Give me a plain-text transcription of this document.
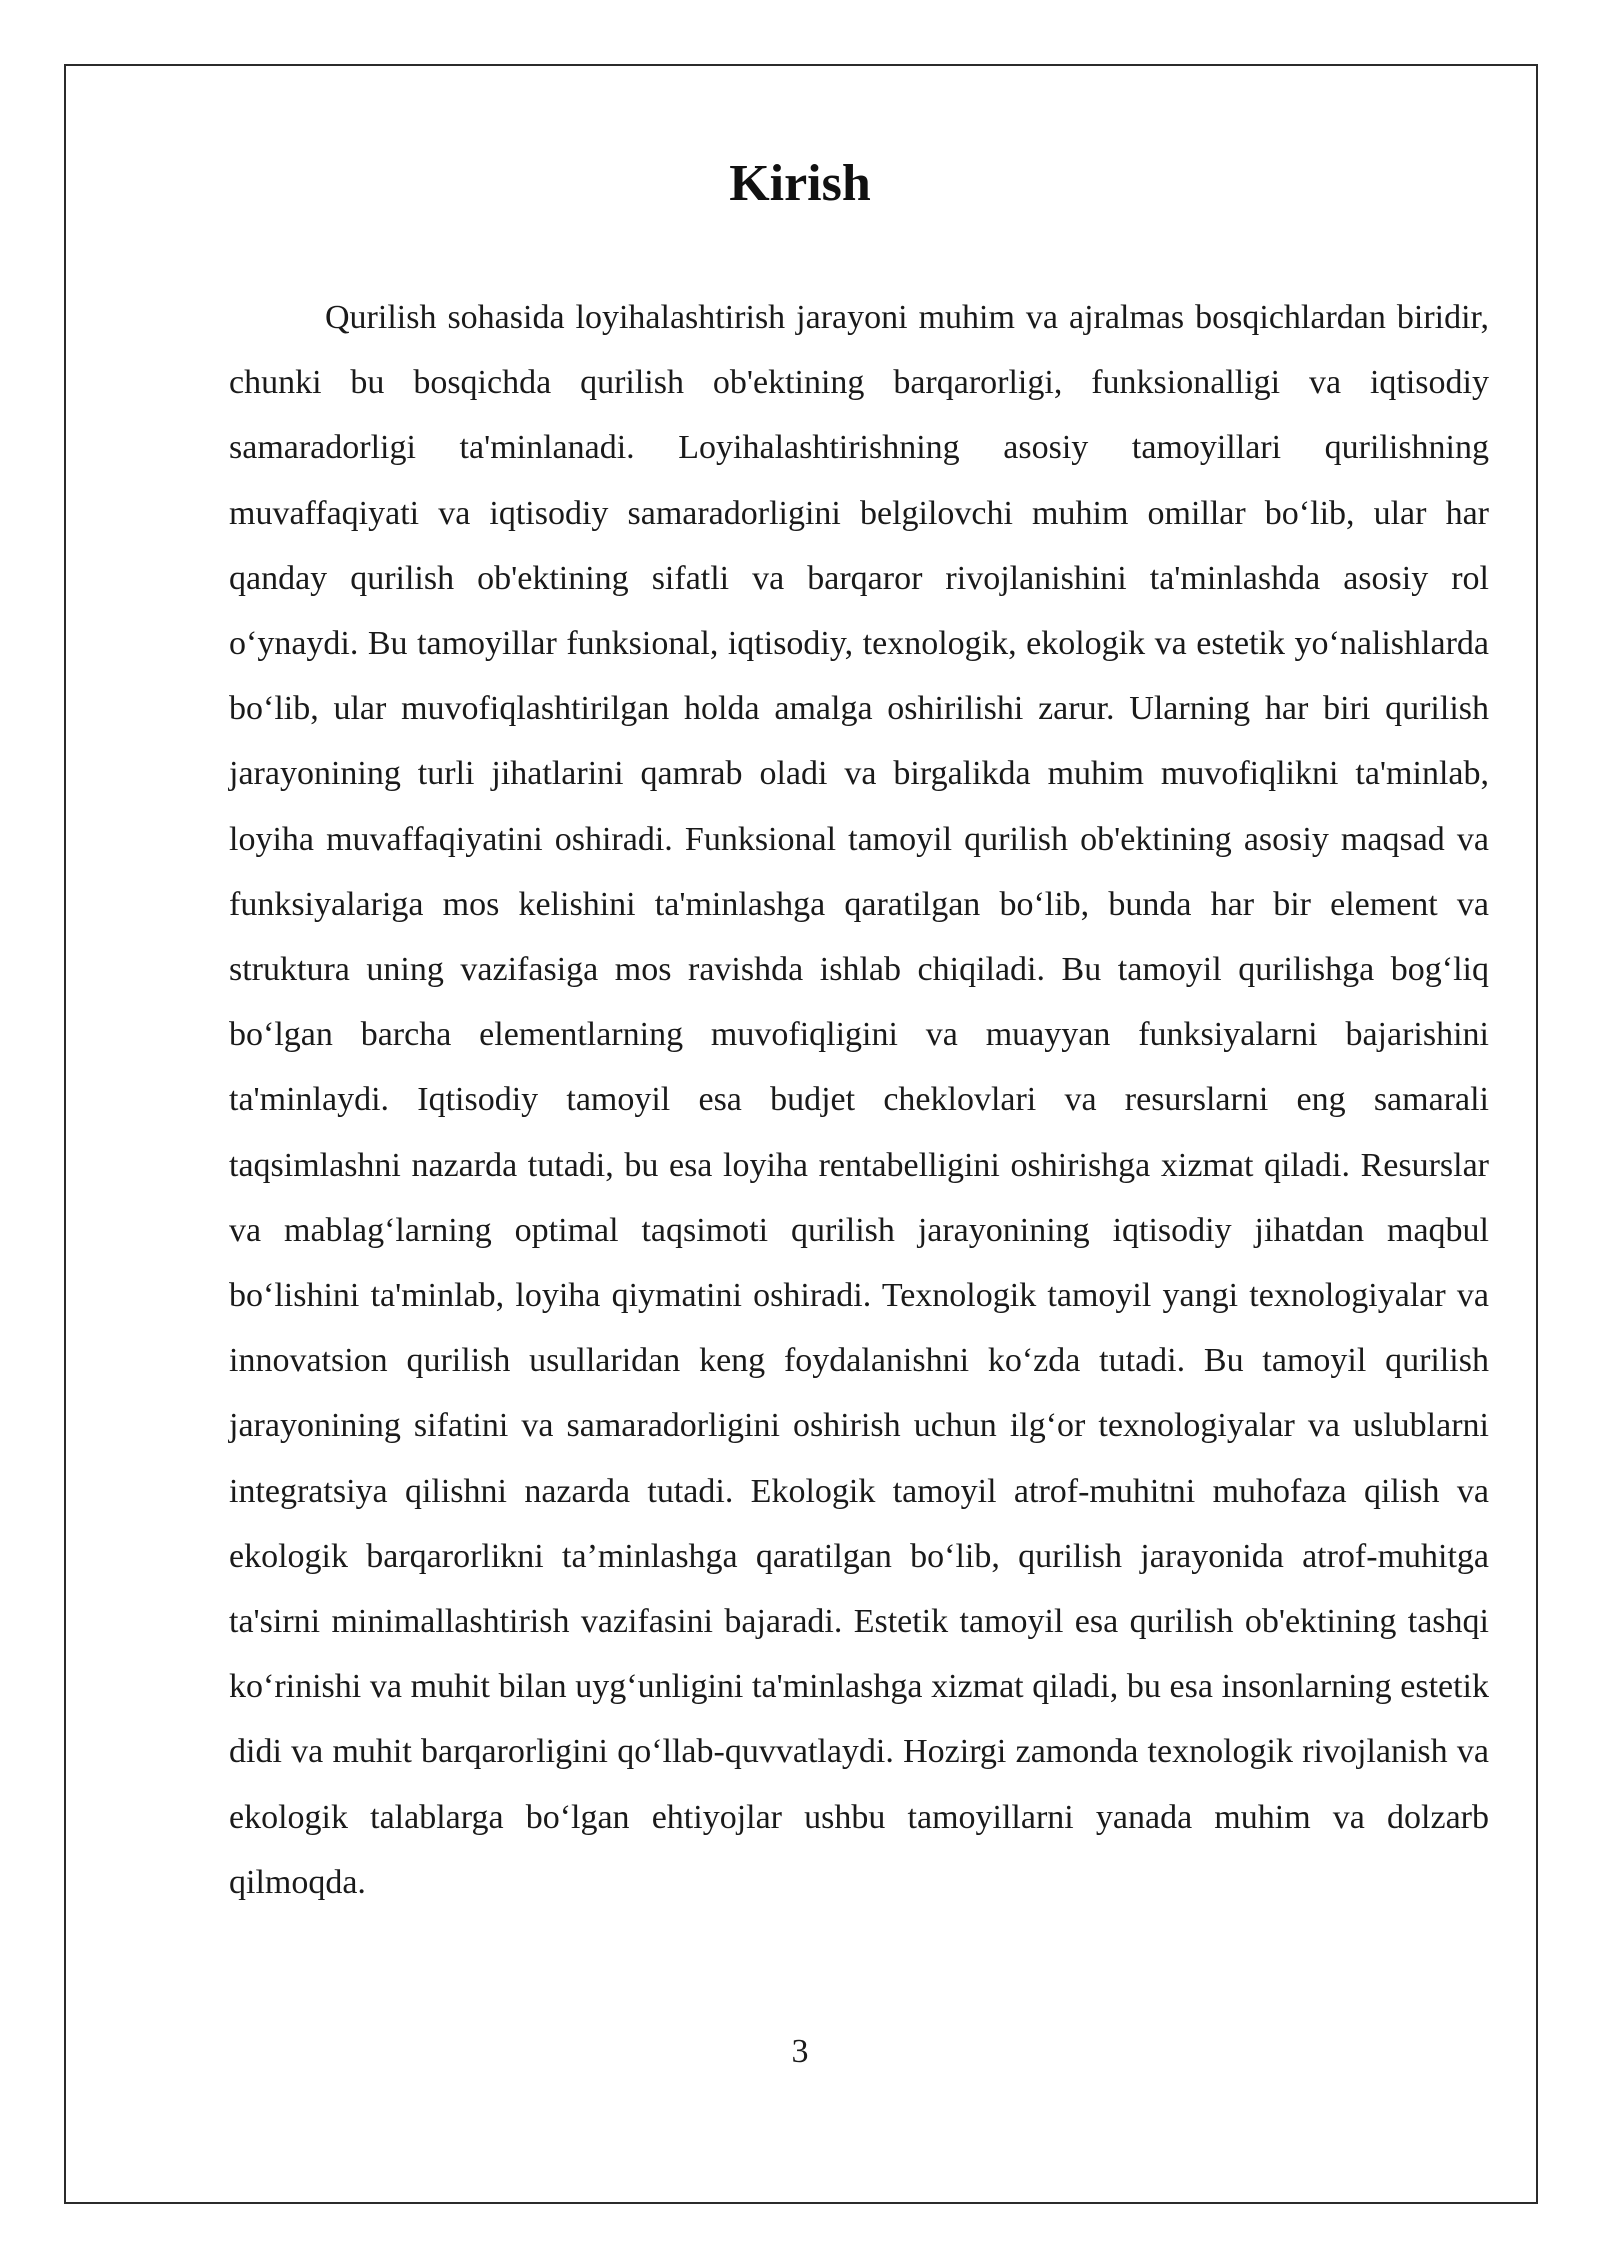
Kirish

Qurilish sohasida loyihalashtirish jarayoni muhim va ajralmas bosqichlardan biridir, chunki bu bosqichda qurilish ob'ektining barqarorligi, funksionalligi va iqtisodiy samaradorligi ta'minlanadi. Loyihalashtirishning asosiy tamoyillari qurilishning muvaffaqiyati va iqtisodiy samaradorligini belgilovchi muhim omillar bo‘lib, ular har qanday qurilish ob'ektining sifatli va barqaror rivojlanishini ta'minlashda asosiy rol o‘ynaydi. Bu tamoyillar funksional, iqtisodiy, texnologik, ekologik va estetik yo‘nalishlarda bo‘lib, ular muvofiqlashtirilgan holda amalga oshirilishi zarur. Ularning har biri qurilish jarayonining turli jihatlarini qamrab oladi va birgalikda muhim muvofiqlikni ta'minlab, loyiha muvaffaqiyatini oshiradi. Funksional tamoyil qurilish ob'ektining asosiy maqsad va funksiyalariga mos kelishini ta'minlashga qaratilgan bo‘lib, bunda har bir element va struktura uning vazifasiga mos ravishda ishlab chiqiladi. Bu tamoyil qurilishga bog‘liq bo‘lgan barcha elementlarning muvofiqligini va muayyan funksiyalarni bajarishini ta'minlaydi. Iqtisodiy tamoyil esa budjet cheklovlari va resurslarni eng samarali taqsimlashni nazarda tutadi, bu esa loyiha rentabelligini oshirishga xizmat qiladi. Resurslar va mablag‘larning optimal taqsimoti qurilish jarayonining iqtisodiy jihatdan maqbul bo‘lishini ta'minlab, loyiha qiymatini oshiradi. Texnologik tamoyil yangi texnologiyalar va innovatsion qurilish usullaridan keng foydalanishni ko‘zda tutadi. Bu tamoyil qurilish jarayonining sifatini va samaradorligini oshirish uchun ilg‘or texnologiyalar va uslublarni integratsiya qilishni nazarda tutadi. Ekologik tamoyil atrof-muhitni muhofaza qilish va ekologik barqarorlikni ta’minlashga qaratilgan bo‘lib, qurilish jarayonida atrof-muhitga ta'sirni minimallashtirish vazifasini bajaradi. Estetik tamoyil esa qurilish ob'ektining tashqi ko‘rinishi va muhit bilan uyg‘unligini ta'minlashga xizmat qiladi, bu esa insonlarning estetik didi va muhit barqarorligini qo‘llab-quvvatlaydi. Hozirgi zamonda texnologik rivojlanish va ekologik talablarga bo‘lgan ehtiyojlar ushbu tamoyillarni yanada muhim va dolzarb qilmoqda.

3
